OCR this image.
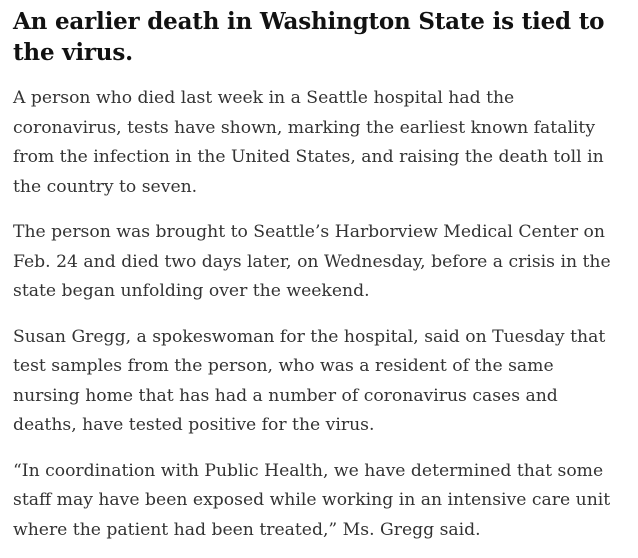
An earlier death in Washington State is tied to the virus.

A person who died last week in a Seattle hospital had the coronavirus, tests have shown, marking the earliest known fatality from the infection in the United States, and raising the death toll in the country to seven.

The person was brought to Seattle’s Harborview Medical Center on Feb. 24 and died two days later, on Wednesday, before a crisis in the state began unfolding over the weekend.

Susan Gregg, a spokeswoman for the hospital, said on Tuesday that test samples from the person, who was a resident of the same nursing home that has had a number of coronavirus cases and deaths, have tested positive for the virus.

“In coordination with Public Health, we have determined that some staff may have been exposed while working in an intensive care unit where the patient had been treated,” Ms. Gregg said.
